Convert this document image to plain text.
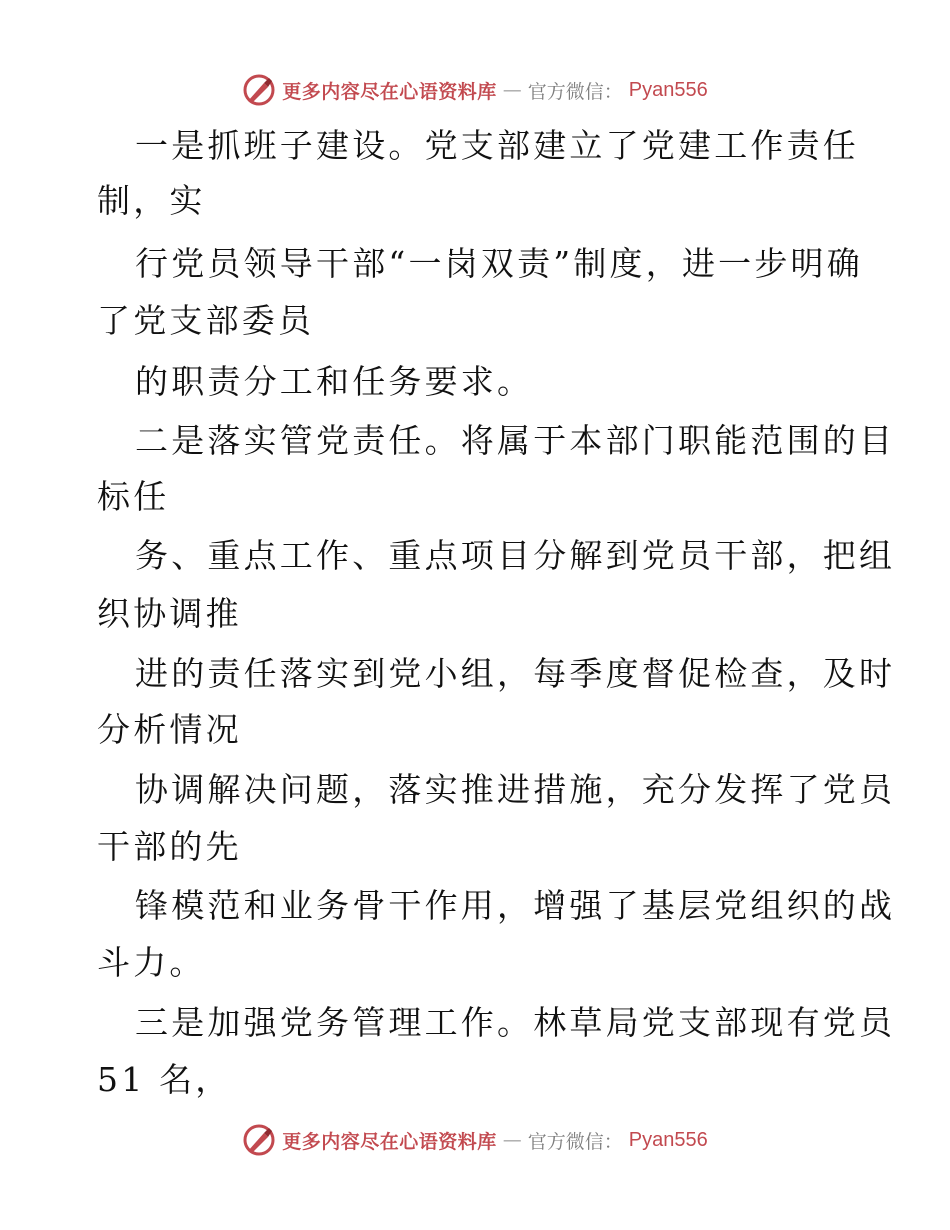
更多内容尽在心语资料库 — 官方微信： Pyan556
一是抓班子建设。党支部建立了党建工作责任
制，实
行党员领导干部“一岗双责”制度，进一步明确
了党支部委员
的职责分工和任务要求。
二是落实管党责任。将属于本部门职能范围的目
标任
务、重点工作、重点项目分解到党员干部，把组
织协调推
进的责任落实到党小组，每季度督促检查，及时
分析情况
协调解决问题，落实推进措施，充分发挥了党员
干部的先
锋模范和业务骨干作用，增强了基层党组织的战
斗力。
三是加强党务管理工作。林草局党支部现有党员
51 名，
更多内容尽在心语资料库 — 官方微信： Pyan556
